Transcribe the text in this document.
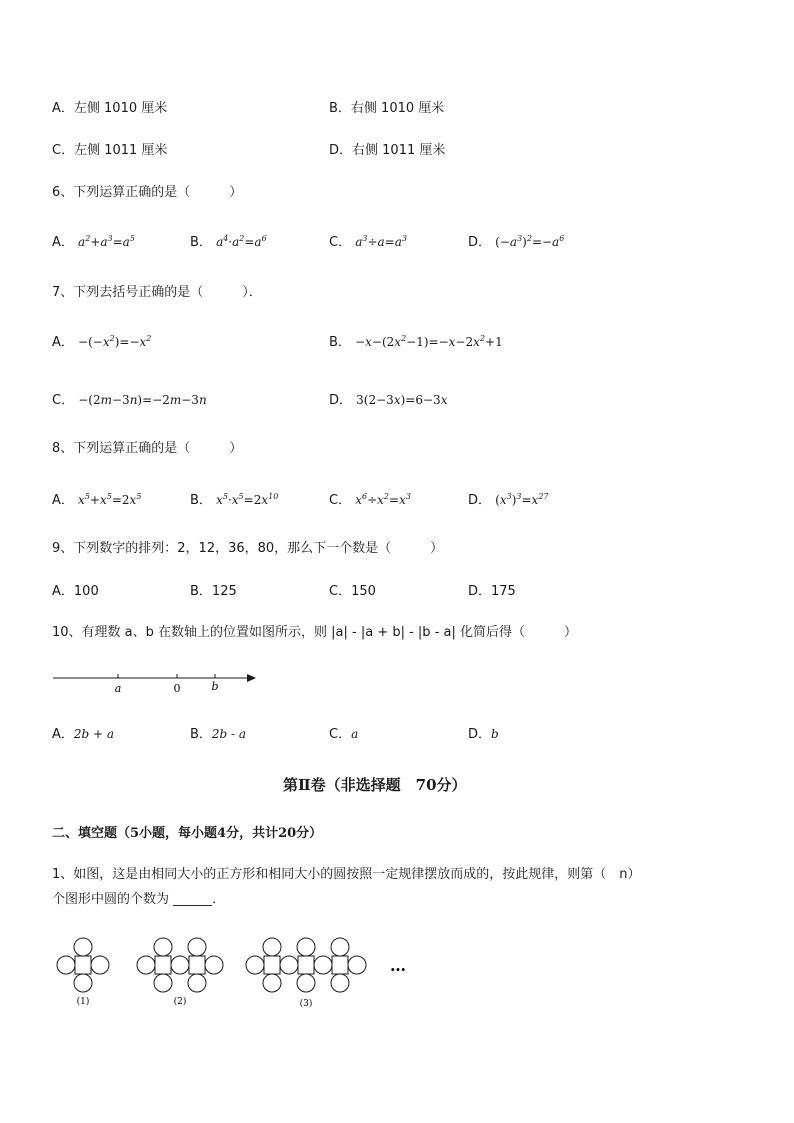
A．左侧 1010 厘米	B．右侧 1010 厘米
C．左侧 1011 厘米	D．右侧 1011 厘米
6、下列运算正确的是（　　　）
A． $a^2+a^3=a^5$	B． $a^4\cdot a^2=a^6$	C． $a^3\div a=a^3$	D． $(-a^3)^2=-a^6$
7、下列去括号正确的是（　　　）．
A． $-(-x^2)=-x^2$	B． $-x-(2x^2-1)=-x-2x^2+1$
C． −(2m−3n)=−2m−3n	D． 3(2−3x)=6−3x
8、下列运算正确的是（　　　）
A． $x^5+x^5=2x^5$	B． $x^5\cdot x^5=2x^{10}$	C． $x^6\div x^2=x^3$	D． $(x^3)^3=x^{27}$
9、下列数字的排列：2，12，36，80，那么下一个数是（　　　）
A．100	B．125	C．150	D．175
10、有理数 a、b 在数轴上的位置如图所示，则 |a| - |a + b| - |b - a| 化简后得（　　　）
a	0	b
A．2b + a	B．2b - a	C．a	D．b
第Ⅱ卷（非选择题　70分）
二、填空题（5小题，每小题4分，共计20分）
1、如图，这是由相同大小的正方形和相同大小的圆按照一定规律摆放而成的，按此规律，则第（　n）
个图形中圆的个数为 ______．
…
(1)	(2)	(3)
